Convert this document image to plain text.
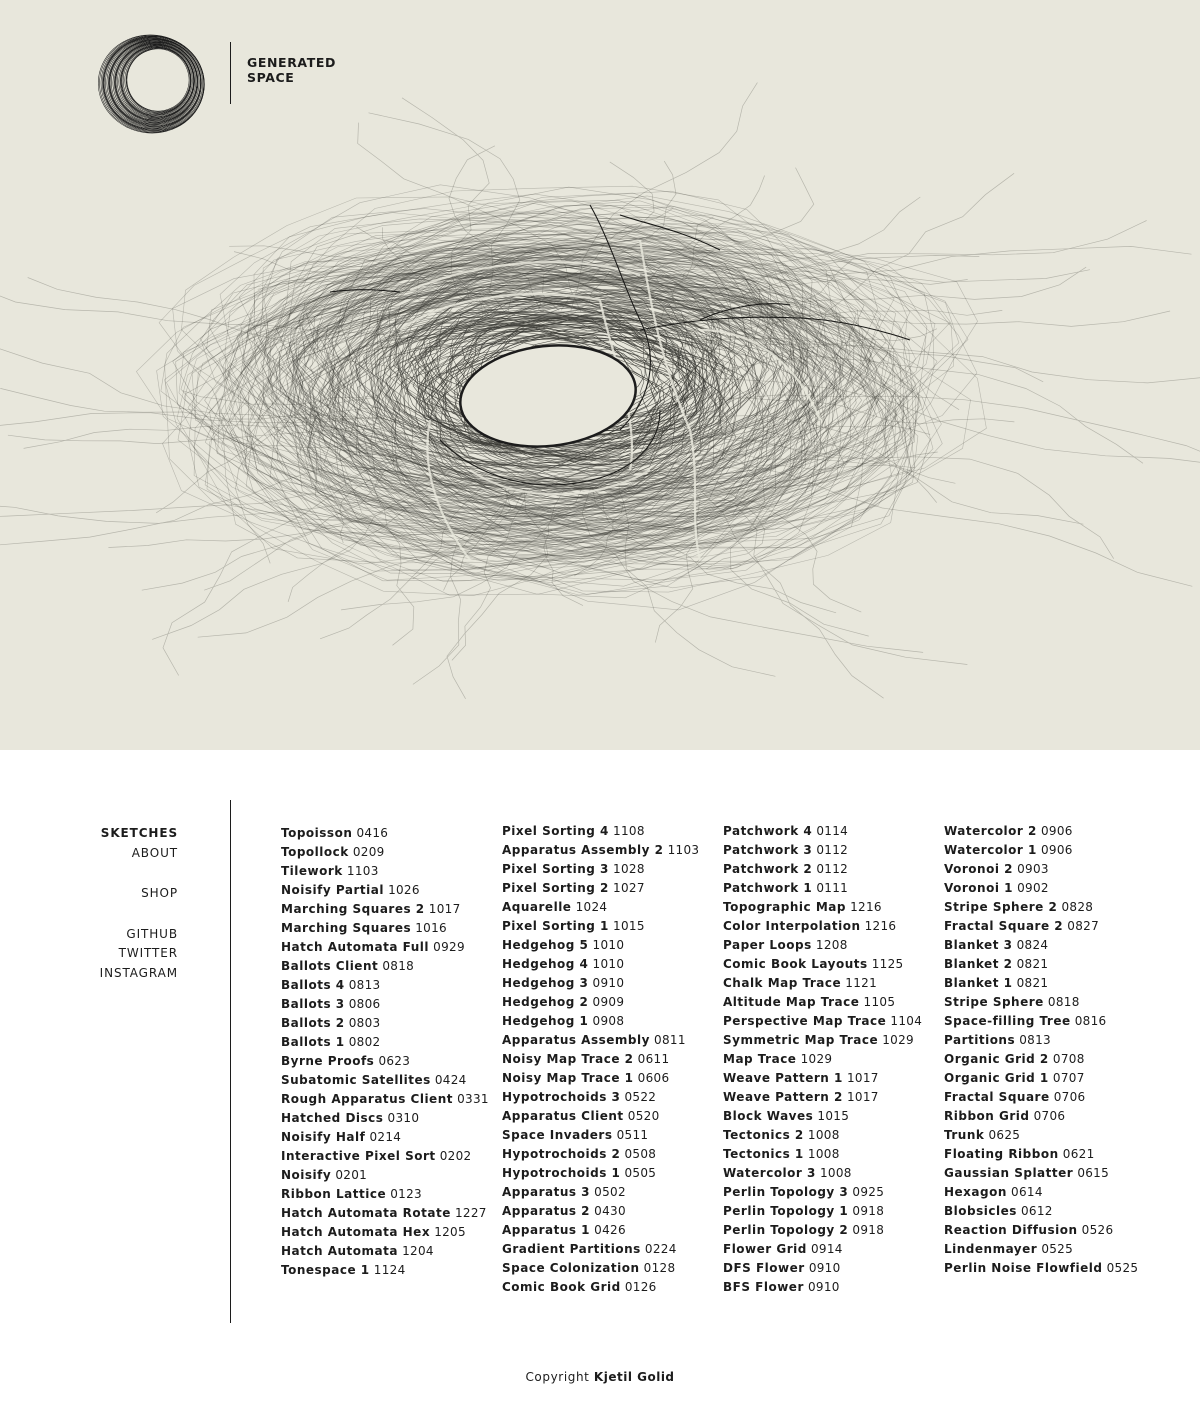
GENERATED
SPACE
SKETCHES
ABOUT
SHOP
GITHUB
TWITTER
INSTAGRAM
Topoisson 0416
Topollock 0209
Tilework 1103
Noisify Partial 1026
Marching Squares 2 1017
Marching Squares 1016
Hatch Automata Full 0929
Ballots Client 0818
Ballots 4 0813
Ballots 3 0806
Ballots 2 0803
Ballots 1 0802
Byrne Proofs 0623
Subatomic Satellites 0424
Rough Apparatus Client 0331
Hatched Discs 0310
Noisify Half 0214
Interactive Pixel Sort 0202
Noisify 0201
Ribbon Lattice 0123
Hatch Automata Rotate 1227
Hatch Automata Hex 1205
Hatch Automata 1204
Tonespace 1 1124
Pixel Sorting 4 1108
Apparatus Assembly 2 1103
Pixel Sorting 3 1028
Pixel Sorting 2 1027
Aquarelle 1024
Pixel Sorting 1 1015
Hedgehog 5 1010
Hedgehog 4 1010
Hedgehog 3 0910
Hedgehog 2 0909
Hedgehog 1 0908
Apparatus Assembly 0811
Noisy Map Trace 2 0611
Noisy Map Trace 1 0606
Hypotrochoids 3 0522
Apparatus Client 0520
Space Invaders 0511
Hypotrochoids 2 0508
Hypotrochoids 1 0505
Apparatus 3 0502
Apparatus 2 0430
Apparatus 1 0426
Gradient Partitions 0224
Space Colonization 0128
Comic Book Grid 0126
Patchwork 4 0114
Patchwork 3 0112
Patchwork 2 0112
Patchwork 1 0111
Topographic Map 1216
Color Interpolation 1216
Paper Loops 1208
Comic Book Layouts 1125
Chalk Map Trace 1121
Altitude Map Trace 1105
Perspective Map Trace 1104
Symmetric Map Trace 1029
Map Trace 1029
Weave Pattern 1 1017
Weave Pattern 2 1017
Block Waves 1015
Tectonics 2 1008
Tectonics 1 1008
Watercolor 3 1008
Perlin Topology 3 0925
Perlin Topology 1 0918
Perlin Topology 2 0918
Flower Grid 0914
DFS Flower 0910
BFS Flower 0910
Watercolor 2 0906
Watercolor 1 0906
Voronoi 2 0903
Voronoi 1 0902
Stripe Sphere 2 0828
Fractal Square 2 0827
Blanket 3 0824
Blanket 2 0821
Blanket 1 0821
Stripe Sphere 0818
Space-filling Tree 0816
Partitions 0813
Organic Grid 2 0708
Organic Grid 1 0707
Fractal Square 0706
Ribbon Grid 0706
Trunk 0625
Floating Ribbon 0621
Gaussian Splatter 0615
Hexagon 0614
Blobsicles 0612
Reaction Diffusion 0526
Lindenmayer 0525
Perlin Noise Flowfield 0525
Copyright Kjetil Golid
